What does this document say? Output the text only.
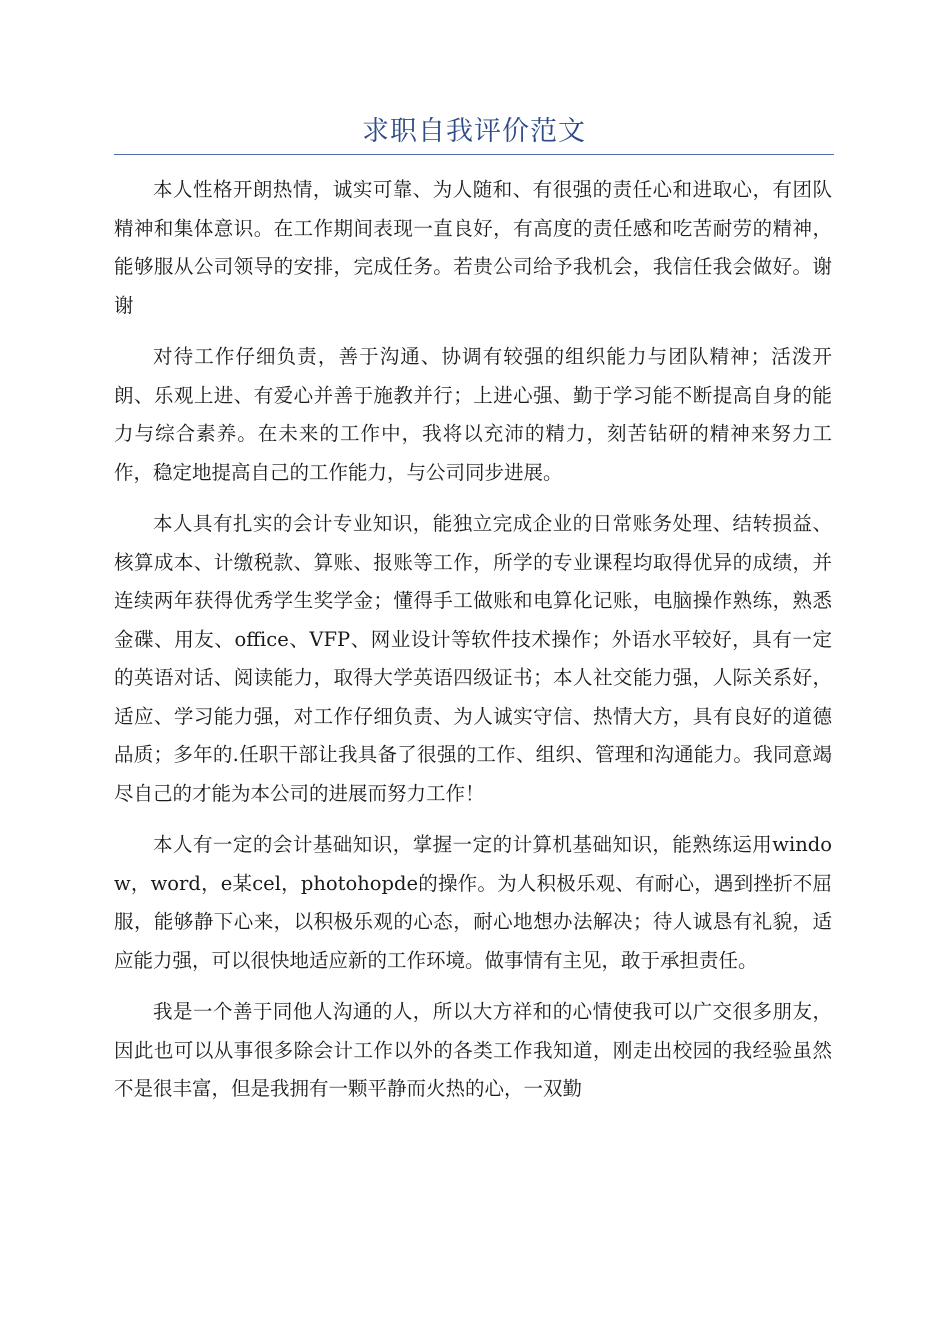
求职自我评价范文

本人性格开朗热情，诚实可靠、为人随和、有很强的责任心和进取心，有团队精神和集体意识。在工作期间表现一直良好，有高度的责任感和吃苦耐劳的精神，能够服从公司领导的安排，完成任务。若贵公司给予我机会，我信任我会做好。谢谢

对待工作仔细负责，善于沟通、协调有较强的组织能力与团队精神；活泼开朗、乐观上进、有爱心并善于施教并行；上进心强、勤于学习能不断提高自身的能力与综合素养。在未来的工作中，我将以充沛的精力，刻苦钻研的精神来努力工作，稳定地提高自己的工作能力，与公司同步进展。

本人具有扎实的会计专业知识，能独立完成企业的日常账务处理、结转损益、核算成本、计缴税款、算账、报账等工作，所学的专业课程均取得优异的成绩，并连续两年获得优秀学生奖学金；懂得手工做账和电算化记账，电脑操作熟练，熟悉金碟、用友、office、VFP、网业设计等软件技术操作；外语水平较好，具有一定的英语对话、阅读能力，取得大学英语四级证书；本人社交能力强，人际关系好，适应、学习能力强，对工作仔细负责、为人诚实守信、热情大方，具有良好的道德品质；多年的.任职干部让我具备了很强的工作、组织、管理和沟通能力。我同意竭尽自己的才能为本公司的进展而努力工作！

本人有一定的会计基础知识，掌握一定的计算机基础知识，能熟练运用window，word，e某cel，photohopde的操作。为人积极乐观、有耐心，遇到挫折不屈服，能够静下心来，以积极乐观的心态，耐心地想办法解决；待人诚恳有礼貌，适应能力强，可以很快地适应新的工作环境。做事情有主见，敢于承担责任。

我是一个善于同他人沟通的人，所以大方祥和的心情使我可以广交很多朋友，因此也可以从事很多除会计工作以外的各类工作我知道，刚走出校园的我经验虽然不是很丰富，但是我拥有一颗平静而火热的心，一双勤
